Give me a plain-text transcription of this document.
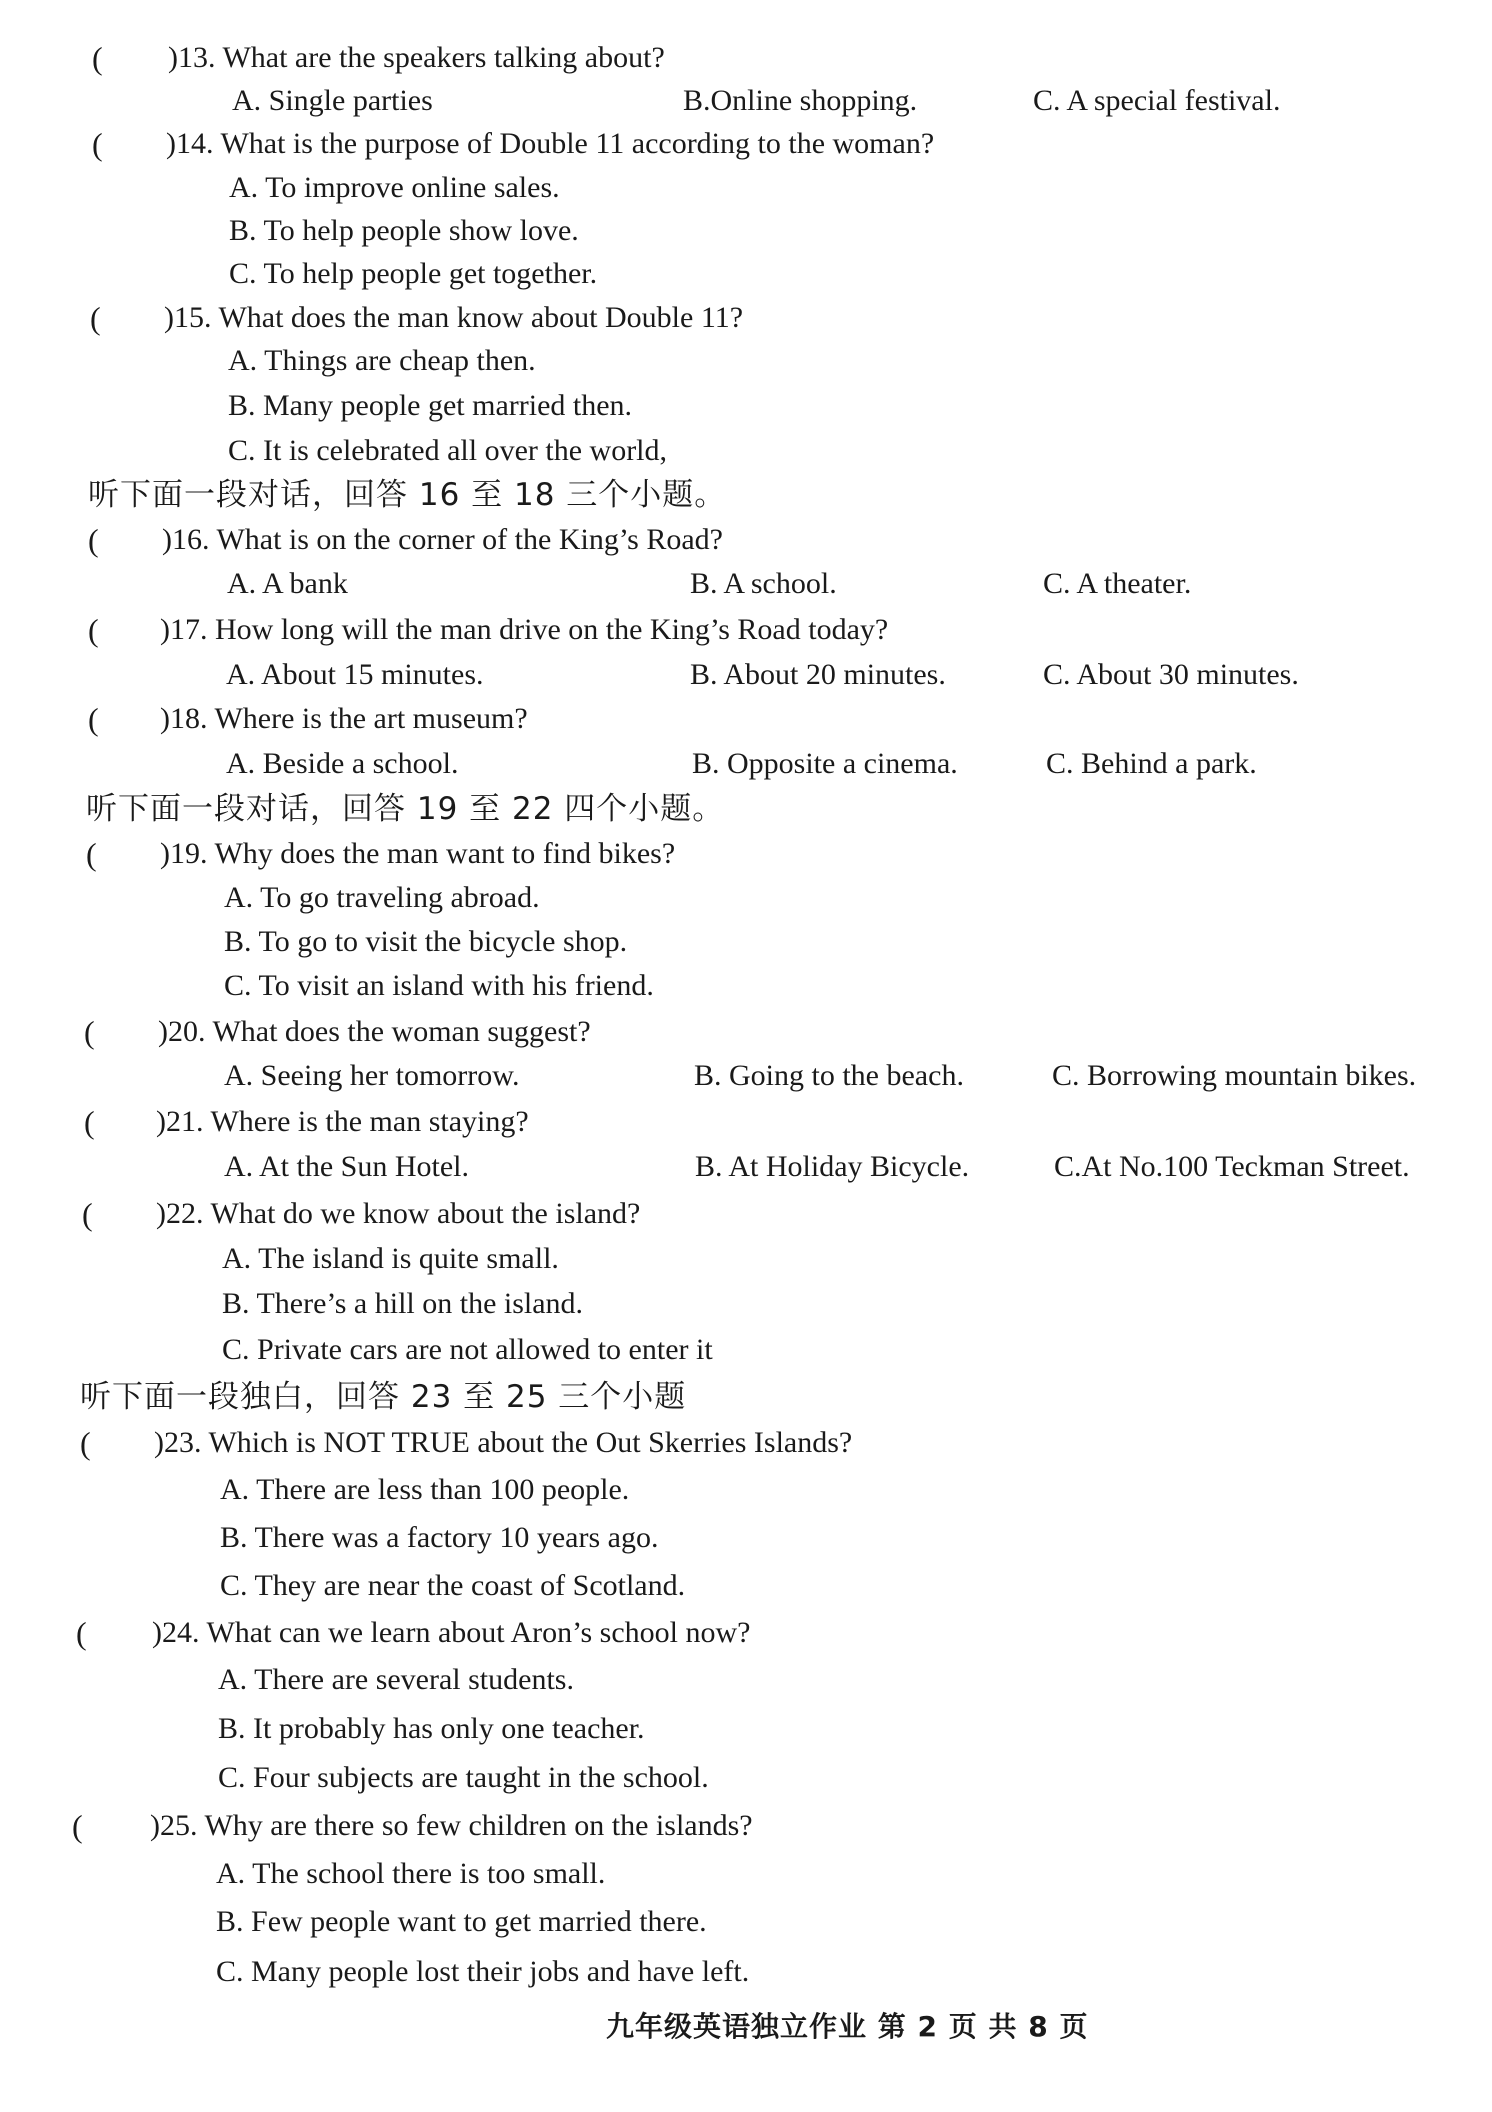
( )13. What are the speakers talking about?
A. Single parties	B.Online shopping.	C. A special festival.
( )14. What is the purpose of Double 11 according to the woman?
A. To improve online sales.
B. To help people show love.
C. To help people get together.
( )15. What does the man know about Double 11?
A. Things are cheap then.
B. Many people get married then.
C. It is celebrated all over the world,
听下面一段对话，回答 16 至 18 三个小题。
( )16. What is on the corner of the King’s Road?
A. A bank	B. A school.	C. A theater.
( )17. How long will the man drive on the King’s Road today?
A. About 15 minutes.	B. About 20 minutes.	C. About 30 minutes.
( )18. Where is the art museum?
A. Beside a school.	B. Opposite a cinema.	C. Behind a park.
听下面一段对话，回答 19 至 22 四个小题。
( )19. Why does the man want to find bikes?
A. To go traveling abroad.
B. To go to visit the bicycle shop.
C. To visit an island with his friend.
( )20. What does the woman suggest?
A. Seeing her tomorrow.	B. Going to the beach.	C. Borrowing mountain bikes.
( )21. Where is the man staying?
A. At the Sun Hotel.	B. At Holiday Bicycle.	C.At No.100 Teckman Street.
( )22. What do we know about the island?
A. The island is quite small.
B. There’s a hill on the island.
C. Private cars are not allowed to enter it
听下面一段独白，回答 23 至 25 三个小题
( )23. Which is NOT TRUE about the Out Skerries Islands?
A. There are less than 100 people.
B. There was a factory 10 years ago.
C. They are near the coast of Scotland.
( )24. What can we learn about Aron’s school now?
A. There are several students.
B. It probably has only one teacher.
C. Four subjects are taught in the school.
( )25. Why are there so few children on the islands?
A. The school there is too small.
B. Few people want to get married there.
C. Many people lost their jobs and have left.
九年级英语独立作业 第 2 页 共 8 页
